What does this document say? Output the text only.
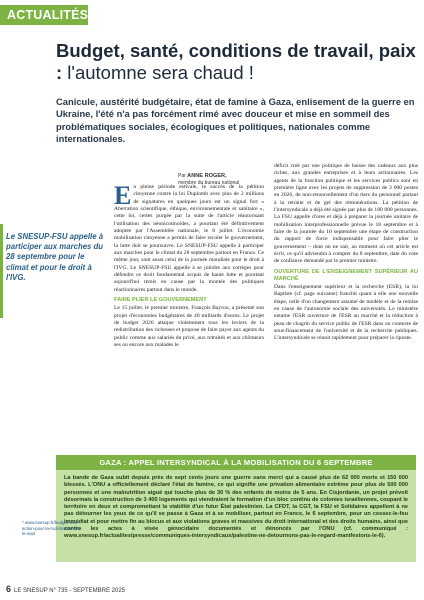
ACTUALITÉS
Budget, santé, conditions de travail, paix : l'automne sera chaud !

Canicule, austérité budgétaire, état de famine à Gaza, enlisement de la guerre en Ukraine, l'été n'a pas forcément rimé avec douceur et mise en sommeil des problématiques sociales, écologiques et politiques, nationales comme internationales.

Par ANNE ROGER,
membre du bureau national
Le SNESUP-FSU appelle à participer aux marches du 28 septembre pour le climat et pour le droit à l'IVG.

En pleine période estivale, le succès de la pétition citoyenne contre la loi Duplomb avec plus de 2 millions de signatures en quelques jours est un signal fort « Aberration scientifique, éthique, environnementale et sanitaire », cette loi, certes purgée par la suite de l'article réautorisant l'utilisation des néonicotinoïdes, a pourtant été définitivement adoptée par l'Assemblée nationale, le 8 juillet. L'économie mobilisation citoyenne a permis de faire reculer le gouvernement, la lutte doit se poursuivre. Le SNESUP-FSU appelle à participer aux marches pour le climat du 28 septembre partout en France. Ce même jour, sont aussi celui de la journée mondiale pour le droit à l'IVG. Le SNESUP-FSU appelle à se joindre aux cortèges pour défendre ce droit fondamental acquis de haute lutte et pourtant aujourd'hui remis en cause par la montée des politiques réactionnaires partout dans le monde.

FAIRE PLIER LE GOUVERNEMENT

Le 15 juillet, le premier ministre, François Bayrou, a présenté son projet d'économies budgétaires de 40 milliards d'euros. Le projet de budget 2026 attaque violemment tous les leviers de la redistribution des richesses et propose de faire payer aux agents du public comme aux salariés du privé, aux retraités et aux chômeurs ses ou encore aux malades le

déficit créé par une politique de baisse des cadeaux aux plus riches, aux grandes entreprises et à leurs actionnaires. Les agents de la fonction publique et les services publics sont en première ligne avec les projets de suppression de 3 000 postes en 2026, de non-renouvellement d'un tiers du personnel partant à la retraite et de gel des rémunérations. La pétition de l'intersyndicale a déjà été signée par plus de 180 000 personnes. La FSU appelle d'ores et déjà à préparer la journée unitaire de mobilisation interprofessionnelle prévue le 18 septembre et à faire de la journée du 10 septembre une étape de construction du rapport de force indispensable pour faire plier le gouvernement – dont on ne sait, au moment où cet article est écrit, ce qu'il adviendra à compter du 8 septembre, date du vote de confiance demandé par le premier ministre.

OUVERTURE DE L'ENSEIGNEMENT SUPÉRIEUR AU MARCHÉ

Dans l'enseignement supérieur et la recherche (ESR), la loi Baptiste (cf. page suivante) franchit quant à elle une nouvelle étape, celle d'un changement assumé de modèle et de la remise en cause de l'autonomie sociale des universités. Le ministère entame l'ESR ouverture de l'ESR au marché et la réduction à peau de chagrin du service public de l'ESR dans un contexte de sous-financement de l'université et de la recherche publiques. L'intersyndicale se réunit rapidement pour préparer la riposte.

GAZA : APPEL INTERSYNDICAL À LA MOBILISATION DU 6 SEPTEMBRE
La bande de Gaza subit depuis près de sept cents jours une guerre sans merci qui a causé plus de 62 000 morts et 150 000 blessés. L'ONU a officiellement déclaré l'état de famine, ce qui signifie une privation alimentaire extrême pour plus de 500 000 personnes et une malnutrition aiguë qui touche plus de 30 % des enfants de moins de 5 ans. En Cisjordanie, un projet prévoit désormais la construction de 3 400 logements qui viendraient la formation d'un bloc continu de colonies israéliennes, coupant le territoire en deux et compromettant la viabilité d'un futur État palestinien. La CFDT, la CGT, la FSU et Solidaires appellent à ne pas détourner les yeux de ce qu'il se passe à Gaza et à se mobiliser, partout en France, le 6 septembre, pour un cessez-le-feu immédiat et pour mettre fin au blocus et aux violations graves et massives du droit international et des droits humains, ainsi que contre les actes à visée génocidaire documentés et dénoncés par l'ONU (cf. communiqué : www.snesup.fr/actualites/presse/communiques-intersyndicaux/palestine-ne-detournons-pas-le-regard-manifestons-le-6).
* www.snesup.fr/budget-leve-action-pour-la-mobilisation-du-le-sept
6 LE SNESUP N° 735 - SEPTEMBRE 2025
